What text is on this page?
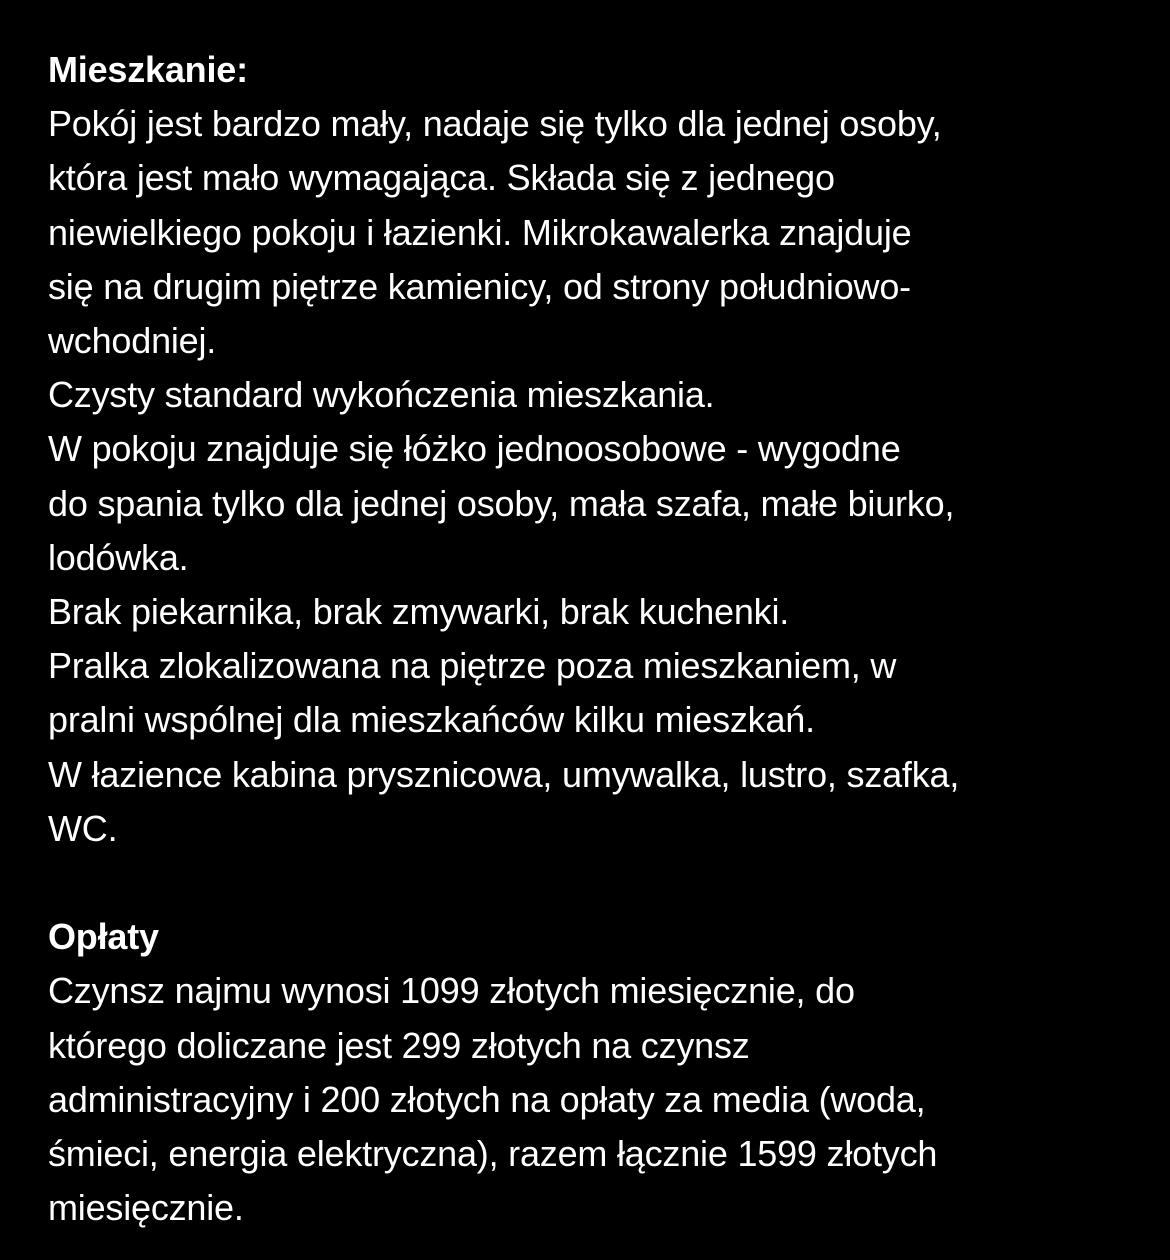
Mieszkanie:
Pokój jest bardzo mały, nadaje się tylko dla jednej osoby,
która jest mało wymagająca. Składa się z jednego
niewielkiego pokoju i łazienki. Mikrokawalerka znajduje
się na drugim piętrze kamienicy, od strony południowo-
wchodniej.
Czysty standard wykończenia mieszkania.
W pokoju znajduje się łóżko jednoosobowe - wygodne
do spania tylko dla jednej osoby, mała szafa, małe biurko,
lodówka.
Brak piekarnika, brak zmywarki, brak kuchenki.
Pralka zlokalizowana na piętrze poza mieszkaniem, w
pralni wspólnej dla mieszkańców kilku mieszkań.
W łazience kabina prysznicowa, umywalka, lustro, szafka,
WC.
Opłaty
Czynsz najmu wynosi 1099 złotych miesięcznie, do
którego doliczane jest 299 złotych na czynsz
administracyjny i 200 złotych na opłaty za media (woda,
śmieci, energia elektryczna), razem łącznie 1599 złotych
miesięcznie.
